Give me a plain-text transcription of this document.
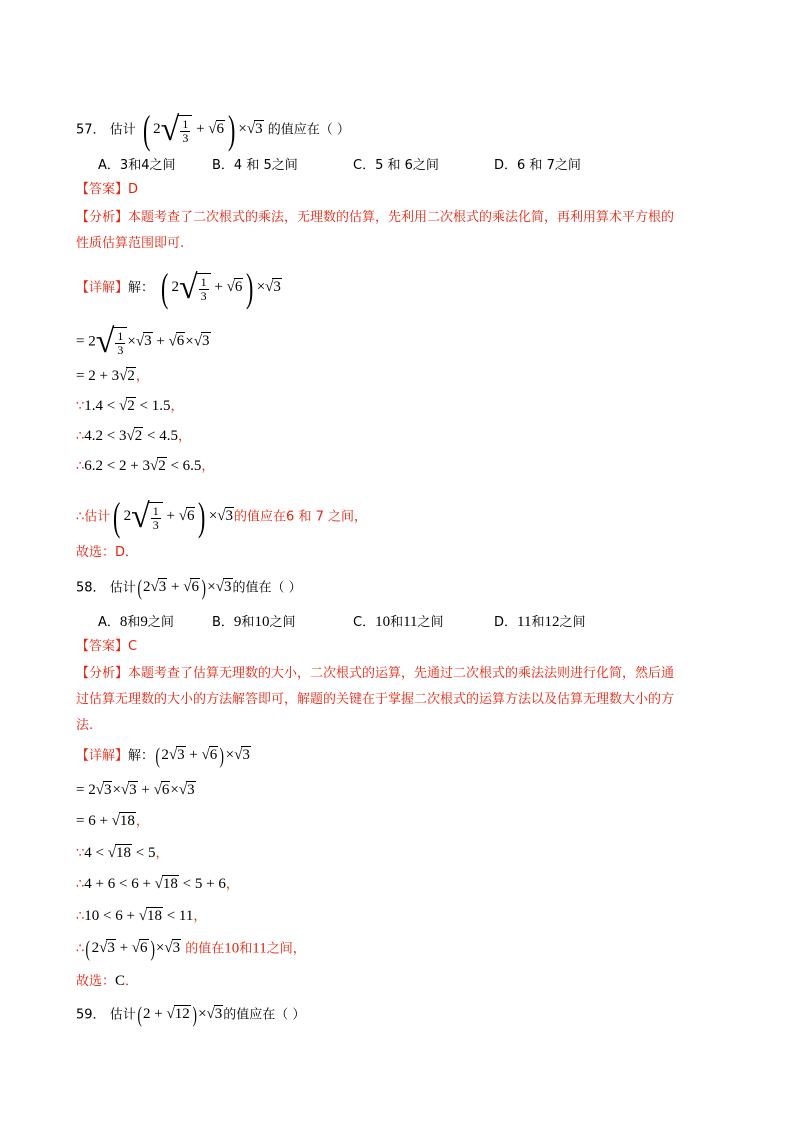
57． 估计 ( $2√ \frac{1}{3} + √6) \times√3$ 的值应在（ ）
A．3和4之间	B．4 和 5之间	C．5 和 6之间	D．6 和 7之间
【答案】D
【分析】本题考查了二次根式的乘法，无理数的估算，先利用二次根式的乘法化简，再利用算术平方根的
性质估算范围即可.
【详解】解： ( $2√ \frac{1}{3} + √6) \times√3$
= $2√ \frac{1}{3} \times√3 + √6\times√3$
= 2 + 3√2，
∵1.4 < √2 < 1.5，
∴4.2 < 3√2 < 4.5，
∴6.2 < 2 + 3√2 < 6.5，
∴估计( $2√ \frac{1}{3} + √6) \times√3$的值应在6 和 7 之间，
故选：D．
58． 估计(2√3 + √6 )×√3的值在（ ）
A．8和9之间	B．9和10之间	C．10和11之间	D．11和12之间
【答案】C
【分析】本题考查了估算无理数的大小，二次根式的运算，先通过二次根式的乘法法则进行化简，然后通
过估算无理数的大小的方法解答即可，解题的关键在于掌握二次根式的运算方法以及估算无理数大小的方
法.
【详解】解：(2√3 + √6 )×√3
= 2√3×√3 + √6×√3
= 6 + √18，
∵4 < √18 < 5，
∴4 + 6 < 6 + √18 < 5 + 6，
∴10 < 6 + √18 < 11，
∴(2√3 + √6 )×√3 的值在10和11之间，
故选：C．
59． 估计(2 + √12 )×√3的值应在（ ）
